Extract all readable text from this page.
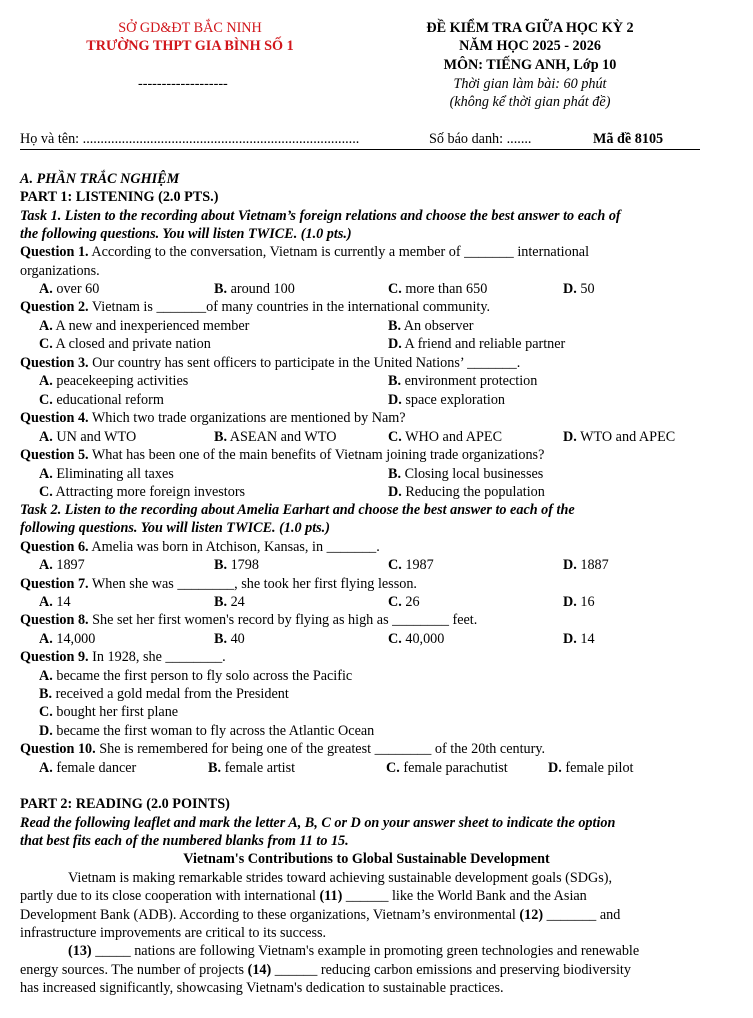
SỞ GD&ĐT BẮC NINH
TRƯỜNG THPT GIA BÌNH SỐ 1
-------------------
ĐỀ KIỂM TRA GIỮA HỌC KỲ 2
NĂM HỌC 2025 - 2026
MÔN: TIẾNG ANH, Lớp 10
Thời gian làm bài: 60 phút
(không kể thời gian phát đề)
Họ và tên: ..............................................................................	Số báo danh: .......	Mã đề 8105
A. PHẦN TRẮC NGHIỆM
PART 1: LISTENING (2.0 PTS.)
Task 1. Listen to the recording about Vietnam’s foreign relations and choose the best answer to each of
the following questions. You will listen TWICE. (1.0 pts.)
Question 1. According to the conversation, Vietnam is currently a member of _______ international
organizations.
A. over 60	B. around 100	C. more than 650	D. 50
Question 2. Vietnam is _______of many countries in the international community.
A. A new and inexperienced member	B. An observer
C. A closed and private nation	D. A friend and reliable partner
Question 3. Our country has sent officers to participate in the United Nations’ _______.
A. peacekeeping activities	B. environment protection
C. educational reform	D. space exploration
Question 4. Which two trade organizations are mentioned by Nam?
A. UN and WTO	B. ASEAN and WTO	C. WHO and APEC	D. WTO and APEC
Question 5. What has been one of the main benefits of Vietnam joining trade organizations?
A. Eliminating all taxes	B. Closing local businesses
C. Attracting more foreign investors	D. Reducing the population
Task 2. Listen to the recording about Amelia Earhart and choose the best answer to each of the
following questions. You will listen TWICE. (1.0 pts.)
Question 6. Amelia was born in Atchison, Kansas, in _______.
A. 1897	B. 1798	C. 1987	D. 1887
Question 7. When she was ________, she took her first flying lesson.
A. 14	B. 24	C. 26	D. 16
Question 8. She set her first women's record by flying as high as ________ feet.
A. 14,000	B. 40	C. 40,000	D. 14
Question 9. In 1928, she ________.
A. became the first person to fly solo across the Pacific
B. received a gold medal from the President
C. bought her first plane
D. became the first woman to fly across the Atlantic Ocean
Question 10. She is remembered for being one of the greatest ________ of the 20th century.
A. female dancer	B. female artist	C. female parachutist	D. female pilot
PART 2: READING (2.0 POINTS)
Read the following leaflet and mark the letter A, B, C or D on your answer sheet to indicate the option
that best fits each of the numbered blanks from 11 to 15.
Vietnam's Contributions to Global Sustainable Development
Vietnam is making remarkable strides toward achieving sustainable development goals (SDGs),
partly due to its close cooperation with international (11) ______ like the World Bank and the Asian
Development Bank (ADB). According to these organizations, Vietnam’s environmental (12) _______ and
infrastructure improvements are critical to its success.
(13) _____ nations are following Vietnam's example in promoting green technologies and renewable
energy sources. The number of projects (14) ______ reducing carbon emissions and preserving biodiversity
has increased significantly, showcasing Vietnam's dedication to sustainable practices.
